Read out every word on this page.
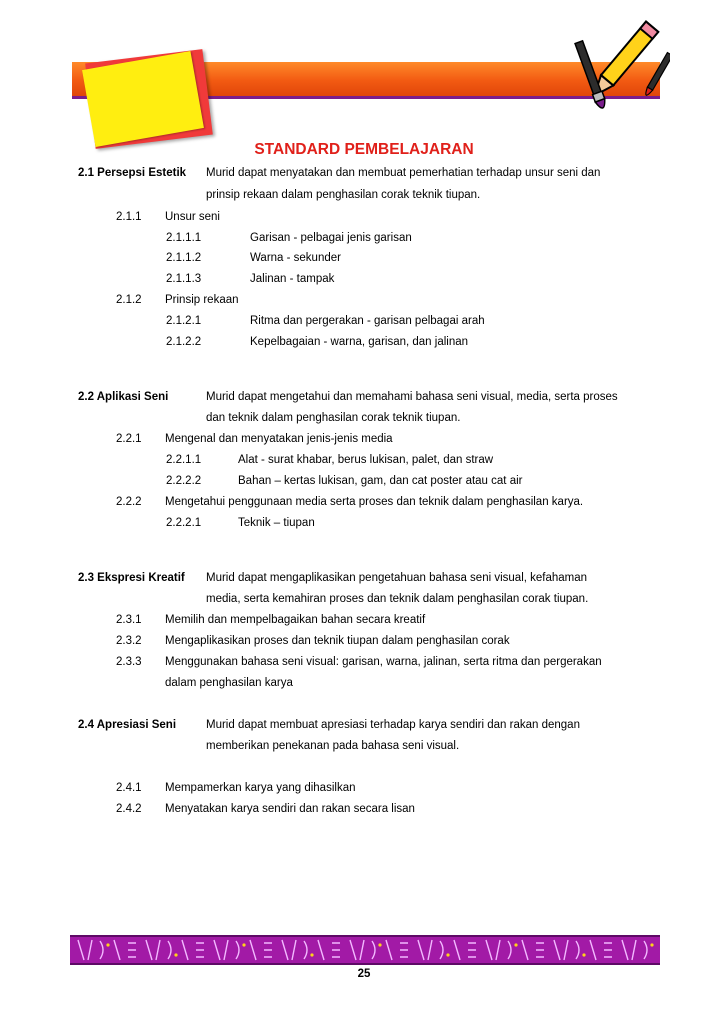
STANDARD PEMBELAJARAN
2.1 Persepsi Estetik Murid dapat menyatakan dan membuat pemerhatian terhadap unsur seni dan
prinsip rekaan dalam penghasilan corak teknik tiupan.
2.1.1 Unsur seni
2.1.1.1	Garisan - pelbagai jenis garisan
2.1.1.2	Warna - sekunder
2.1.1.3	Jalinan - tampak
2.1.2 Prinsip rekaan
2.1.2.1	Ritma dan pergerakan - garisan pelbagai arah
2.1.2.2	Kepelbagaian - warna, garisan, dan jalinan
2.2 Aplikasi Seni	Murid dapat mengetahui dan memahami bahasa seni visual, media, serta proses
dan teknik dalam penghasilan corak teknik tiupan.
2.2.1 Mengenal dan menyatakan jenis-jenis media
2.2.1.1	Alat - surat khabar, berus lukisan, palet, dan straw
2.2.2.2	Bahan – kertas lukisan, gam, dan cat poster atau cat air
2.2.2 Mengetahui penggunaan media serta proses dan teknik dalam penghasilan karya.
2.2.2.1	Teknik – tiupan
2.3 Ekspresi Kreatif Murid dapat mengaplikasikan pengetahuan bahasa seni visual, kefahaman
media, serta kemahiran proses dan teknik dalam penghasilan corak tiupan.
2.3.1 Memilih dan mempelbagaikan bahan secara kreatif
2.3.2 Mengaplikasikan proses dan teknik tiupan dalam penghasilan corak
2.3.3 Menggunakan bahasa seni visual: garisan, warna, jalinan, serta ritma dan pergerakan
dalam penghasilan karya
2.4 Apresiasi Seni	Murid dapat membuat apresiasi terhadap karya sendiri dan rakan dengan
memberikan penekanan pada bahasa seni visual.
2.4.1 Mempamerkan karya yang dihasilkan
2.4.2 Menyatakan karya sendiri dan rakan secara lisan
25
